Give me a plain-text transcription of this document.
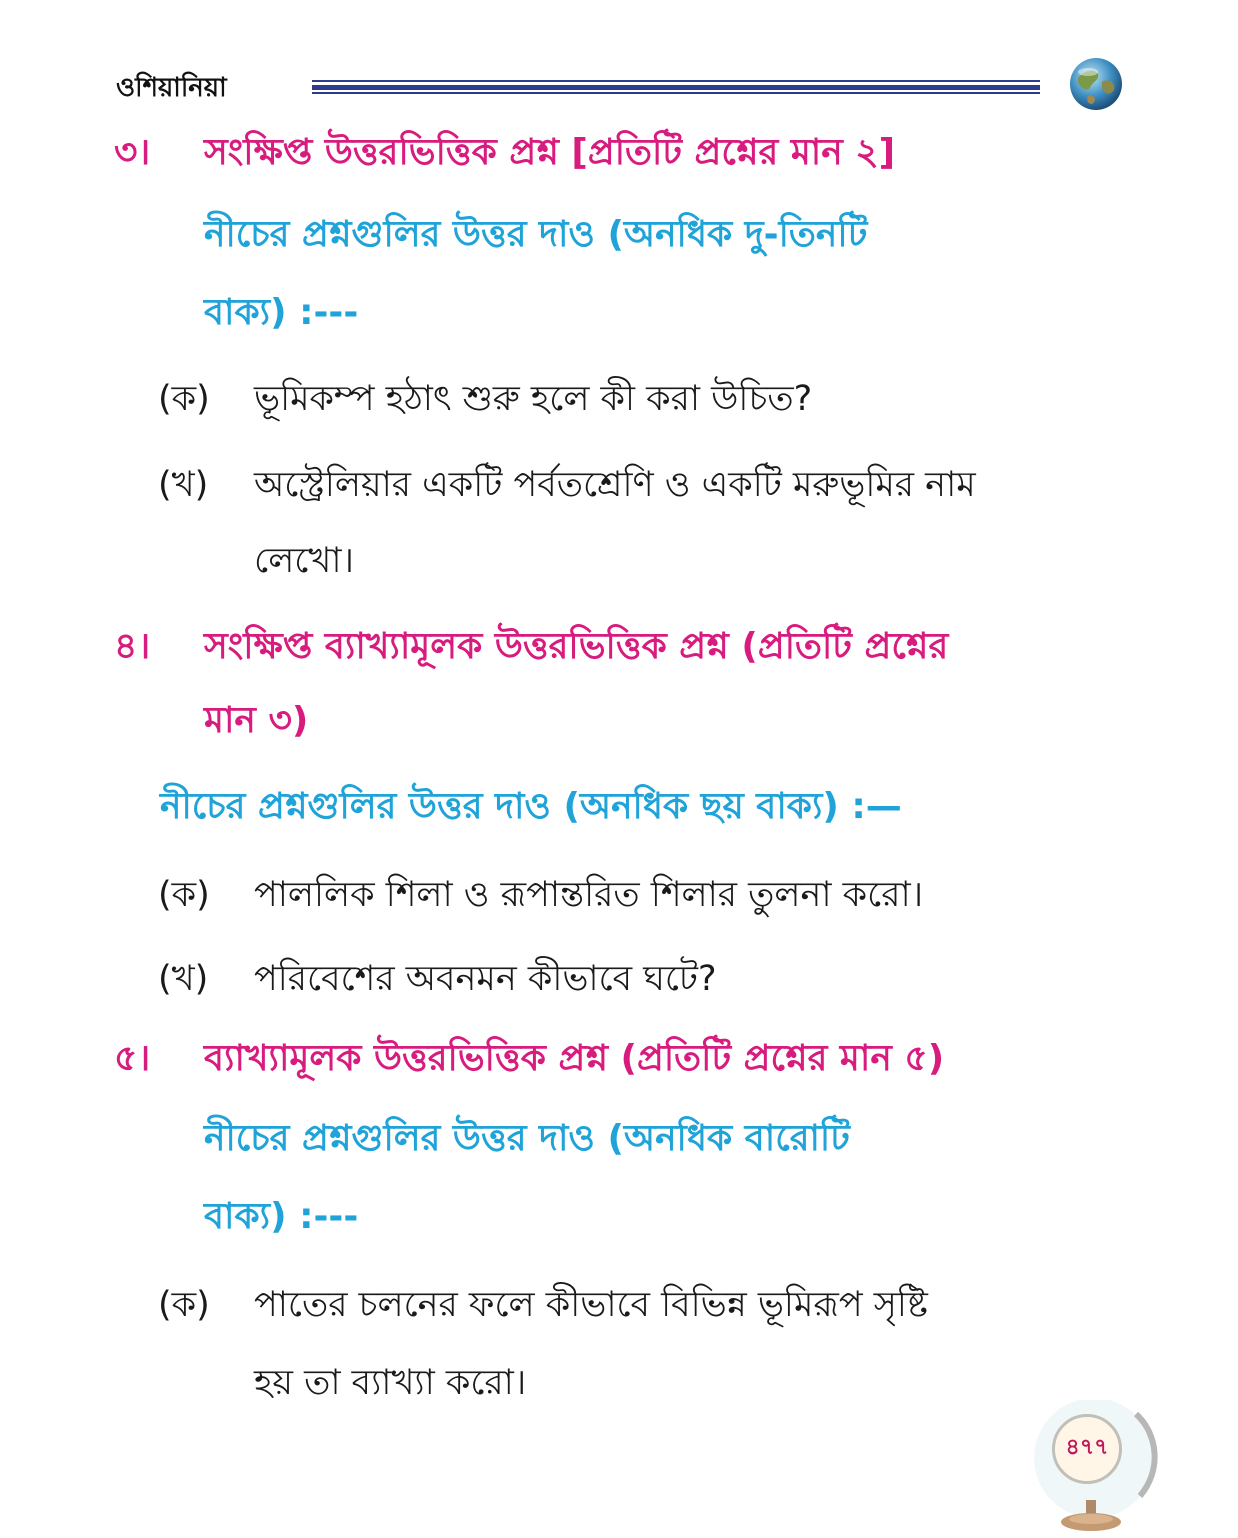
ওশিয়ানিয়া
৩। সংক্ষিপ্ত উত্তরভিত্তিক প্রশ্ন [প্রতিটি প্রশ্নের মান ২]
নীচের প্রশ্নগুলির উত্তর দাও (অনধিক দু-তিনটি
বাক্য) :---
(ক) ভূমিকম্প হঠাৎ শুরু হলে কী করা উচিত?
(খ) অস্ট্রেলিয়ার একটি পর্বতশ্রেণি ও একটি মরুভূমির নাম
লেখো।
৪। সংক্ষিপ্ত ব্যাখ্যামূলক উত্তরভিত্তিক প্রশ্ন (প্রতিটি প্রশ্নের
মান ৩)
নীচের প্রশ্নগুলির উত্তর দাও (অনধিক ছয় বাক্য) :—
(ক) পাললিক শিলা ও রূপান্তরিত শিলার তুলনা করো।
(খ) পরিবেশের অবনমন কীভাবে ঘটে?
৫। ব্যাখ্যামূলক উত্তরভিত্তিক প্রশ্ন (প্রতিটি প্রশ্নের মান ৫)
নীচের প্রশ্নগুলির উত্তর দাও (অনধিক বারোটি
বাক্য) :---
(ক) পাতের চলনের ফলে কীভাবে বিভিন্ন ভূমিরূপ সৃষ্টি
হয় তা ব্যাখ্যা করো।
৪৭৭
